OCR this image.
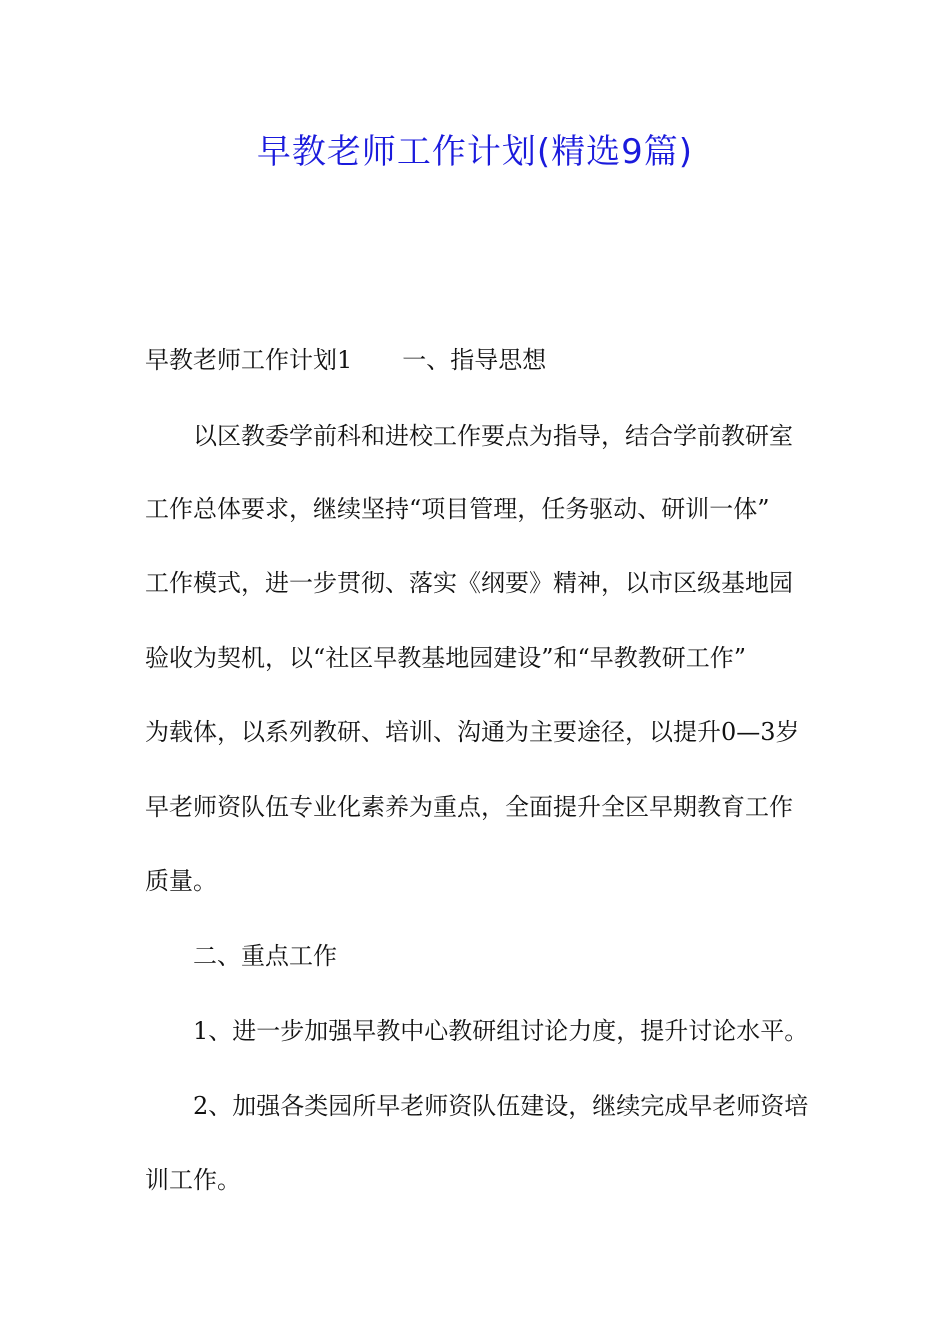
早教老师工作计划(精选9篇)
早教老师工作计划1 一、指导思想
以区教委学前科和进校工作要点为指导，结合学前教研室
工作总体要求，继续坚持“项目管理，任务驱动、研训一体”
工作模式，进一步贯彻、落实《纲要》精神，以市区级基地园
验收为契机，以“社区早教基地园建设”和“早教教研工作”
为载体，以系列教研、培训、沟通为主要途径，以提升0—3岁
早老师资队伍专业化素养为重点，全面提升全区早期教育工作
质量。
二、重点工作
1、进一步加强早教中心教研组讨论力度，提升讨论水平。
2、加强各类园所早老师资队伍建设，继续完成早老师资培
训工作。
